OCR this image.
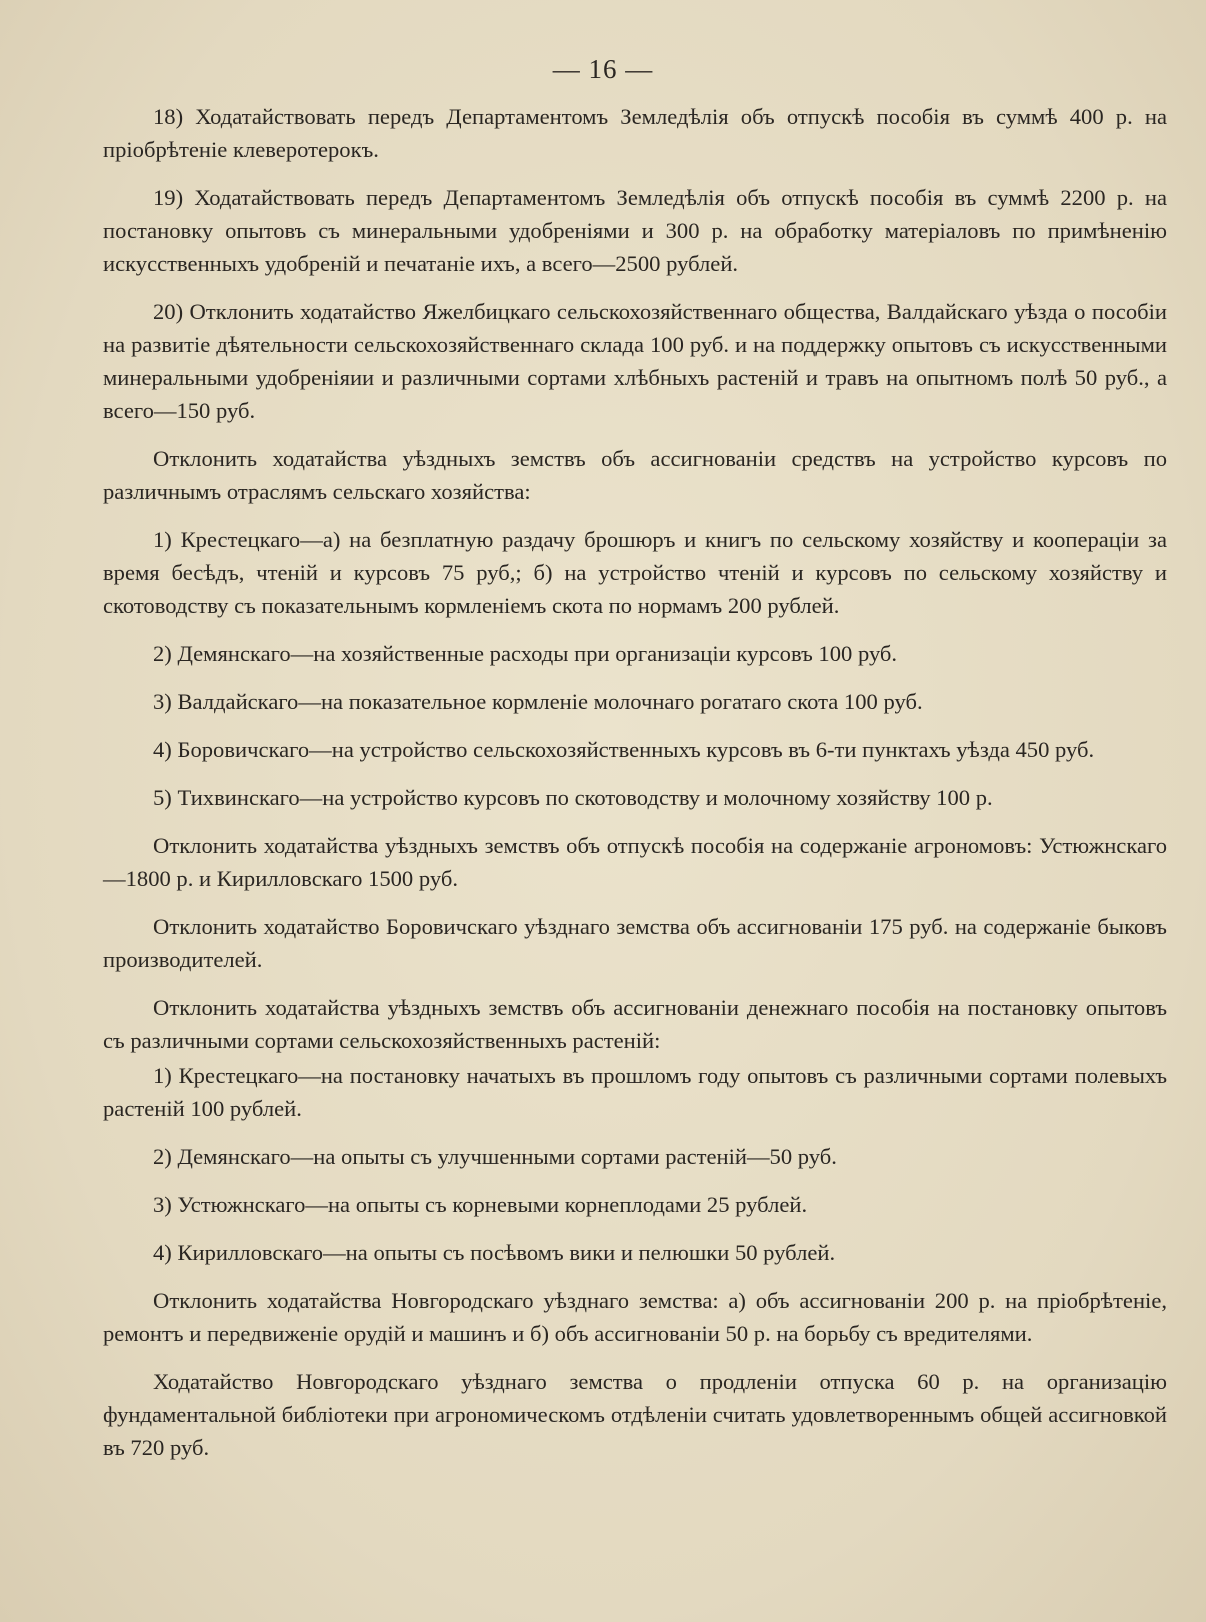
— 16 —

18) Ходатайствовать передъ Департаментомъ Земледѣлія объ отпускѣ пособія въ суммѣ 400 р. на пріобрѣтеніе клеверотерокъ.

19) Ходатайствовать передъ Департаментомъ Земледѣлія объ отпускѣ пособія въ суммѣ 2200 р. на постановку опытовъ съ минеральными удобреніями и 300 р. на обработку матеріаловъ по примѣненію искусственныхъ удобреній и печатаніе ихъ, а всего—2500 рублей.

20) Отклонить ходатайство Яжелбицкаго сельскохозяйственнаго общества, Валдайскаго уѣзда о пособіи на развитіе дѣятельности сельскохозяйственнаго склада 100 руб. и на поддержку опытовъ съ искусственными минеральными удобреніяии и различными сортами хлѣбныхъ растеній и травъ на опытномъ полѣ 50 руб., а всего—150 руб.

Отклонить ходатайства уѣздныхъ земствъ объ ассигнованіи средствъ на устройство курсовъ по различнымъ отраслямъ сельскаго хозяйства:

1) Крестецкаго—а) на безплатную раздачу брошюръ и книгъ по сельскому хозяйству и коопераціи за время бесѣдъ, чтеній и курсовъ 75 руб,; б) на устройство чтеній и курсовъ по сельскому хозяйству и скотоводству съ показательнымъ кормленіемъ скота по нормамъ 200 рублей.

2) Демянскаго—на хозяйственные расходы при организаціи курсовъ 100 руб.

3) Валдайскаго—на показательное кормленіе молочнаго рогатаго скота 100 руб.

4) Боровичскаго—на устройство сельскохозяйственныхъ курсовъ въ 6-ти пунктахъ уѣзда 450 руб.

5) Тихвинскаго—на устройство курсовъ по скотоводству и молочному хозяйству 100 р.

Отклонить ходатайства уѣздныхъ земствъ объ отпускѣ пособія на содержаніе агрономовъ: Устюжнскаго—1800 р. и Кирилловскаго 1500 руб.

Отклонить ходатайство Боровичскаго уѣзднаго земства объ ассигнованіи 175 руб. на содержаніе быковъ производителей.

Отклонить ходатайства уѣздныхъ земствъ объ ассигнованіи денежнаго пособія на постановку опытовъ съ различными сортами сельскохозяйственныхъ растеній:

1) Крестецкаго—на постановку начатыхъ въ прошломъ году опытовъ съ различными сортами полевыхъ растеній 100 рублей.

2) Демянскаго—на опыты съ улучшенными сортами растеній—50 руб.

3) Устюжнскаго—на опыты съ корневыми корнеплодами 25 рублей.

4) Кирилловскаго—на опыты съ посѣвомъ вики и пелюшки 50 рублей.

Отклонить ходатайства Новгородскаго уѣзднаго земства: а) объ ассигнованіи 200 р. на пріобрѣтеніе, ремонтъ и передвиженіе орудій и машинъ и б) объ ассигнованіи 50 р. на борьбу съ вредителями.

Ходатайство Новгородскаго уѣзднаго земства о продленіи отпуска 60 р. на организацію фундаментальной библіотеки при агрономическомъ отдѣленіи считать удовлетвореннымъ общей ассигновкой въ 720 руб.
